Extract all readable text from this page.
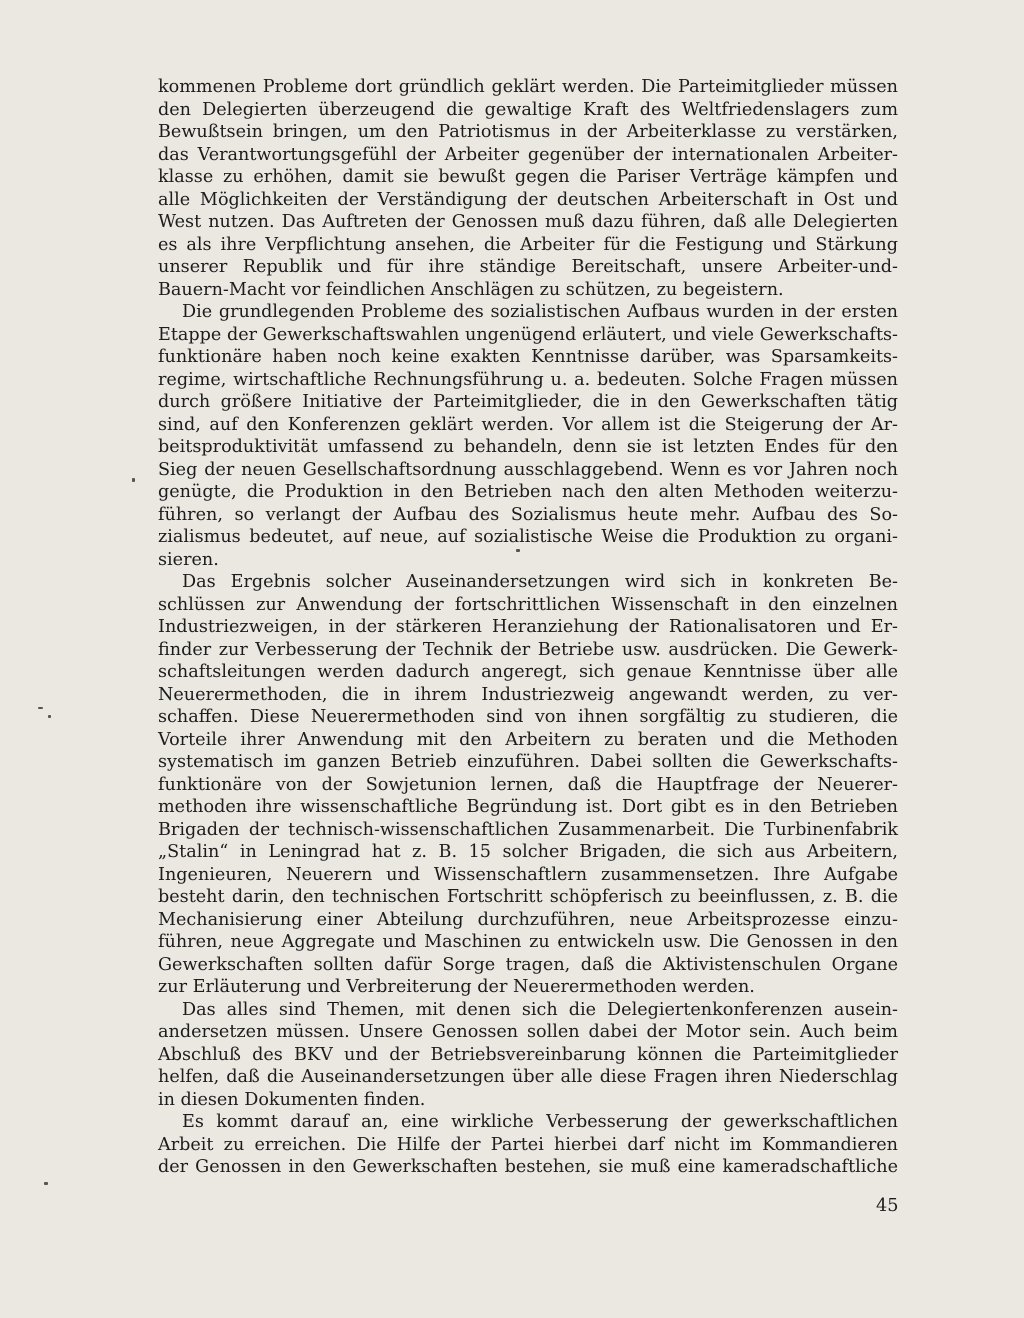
kommenen Probleme dort gründlich geklärt werden. Die Parteimitglieder müssen
den Delegierten überzeugend die gewaltige Kraft des Weltfriedenslagers zum
Bewußtsein bringen, um den Patriotismus in der Arbeiterklasse zu verstärken,
das Verantwortungsgefühl der Arbeiter gegenüber der internationalen Arbeiter-
klasse zu erhöhen, damit sie bewußt gegen die Pariser Verträge kämpfen und
alle Möglichkeiten der Verständigung der deutschen Arbeiterschaft in Ost und
West nutzen. Das Auftreten der Genossen muß dazu führen, daß alle Delegierten
es als ihre Verpflichtung ansehen, die Arbeiter für die Festigung und Stärkung
unserer Republik und für ihre ständige Bereitschaft, unsere Arbeiter-und-
Bauern-Macht vor feindlichen Anschlägen zu schützen, zu begeistern.
Die grundlegenden Probleme des sozialistischen Aufbaus wurden in der ersten
Etappe der Gewerkschaftswahlen ungenügend erläutert, und viele Gewerkschafts-
funktionäre haben noch keine exakten Kenntnisse darüber, was Sparsamkeits-
regime, wirtschaftliche Rechnungsführung u. a. bedeuten. Solche Fragen müssen
durch größere Initiative der Parteimitglieder, die in den Gewerkschaften tätig
sind, auf den Konferenzen geklärt werden. Vor allem ist die Steigerung der Ar-
beitsproduktivität umfassend zu behandeln, denn sie ist letzten Endes für den
Sieg der neuen Gesellschaftsordnung ausschlaggebend. Wenn es vor Jahren noch
genügte, die Produktion in den Betrieben nach den alten Methoden weiterzu-
führen, so verlangt der Aufbau des Sozialismus heute mehr. Aufbau des So-
zialismus bedeutet, auf neue, auf sozialistische Weise die Produktion zu organi-
sieren.
Das Ergebnis solcher Auseinandersetzungen wird sich in konkreten Be-
schlüssen zur Anwendung der fortschrittlichen Wissenschaft in den einzelnen
Industriezweigen, in der stärkeren Heranziehung der Rationalisatoren und Er-
finder zur Verbesserung der Technik der Betriebe usw. ausdrücken. Die Gewerk-
schaftsleitungen werden dadurch angeregt, sich genaue Kenntnisse über alle
Neuerermethoden, die in ihrem Industriezweig angewandt werden, zu ver-
schaffen. Diese Neuerermethoden sind von ihnen sorgfältig zu studieren, die
Vorteile ihrer Anwendung mit den Arbeitern zu beraten und die Methoden
systematisch im ganzen Betrieb einzuführen. Dabei sollten die Gewerkschafts-
funktionäre von der Sowjetunion lernen, daß die Hauptfrage der Neuerer-
methoden ihre wissenschaftliche Begründung ist. Dort gibt es in den Betrieben
Brigaden der technisch-wissenschaftlichen Zusammenarbeit. Die Turbinenfabrik
„Stalin“ in Leningrad hat z. B. 15 solcher Brigaden, die sich aus Arbeitern,
Ingenieuren, Neuerern und Wissenschaftlern zusammensetzen. Ihre Aufgabe
besteht darin, den technischen Fortschritt schöpferisch zu beeinflussen, z. B. die
Mechanisierung einer Abteilung durchzuführen, neue Arbeitsprozesse einzu-
führen, neue Aggregate und Maschinen zu entwickeln usw. Die Genossen in den
Gewerkschaften sollten dafür Sorge tragen, daß die Aktivistenschulen Organe
zur Erläuterung und Verbreiterung der Neuerermethoden werden.
Das alles sind Themen, mit denen sich die Delegiertenkonferenzen ausein-
andersetzen müssen. Unsere Genossen sollen dabei der Motor sein. Auch beim
Abschluß des BKV und der Betriebsvereinbarung können die Parteimitglieder
helfen, daß die Auseinandersetzungen über alle diese Fragen ihren Niederschlag
in diesen Dokumenten finden.
Es kommt darauf an, eine wirkliche Verbesserung der gewerkschaftlichen
Arbeit zu erreichen. Die Hilfe der Partei hierbei darf nicht im Kommandieren
der Genossen in den Gewerkschaften bestehen, sie muß eine kameradschaftliche
45
